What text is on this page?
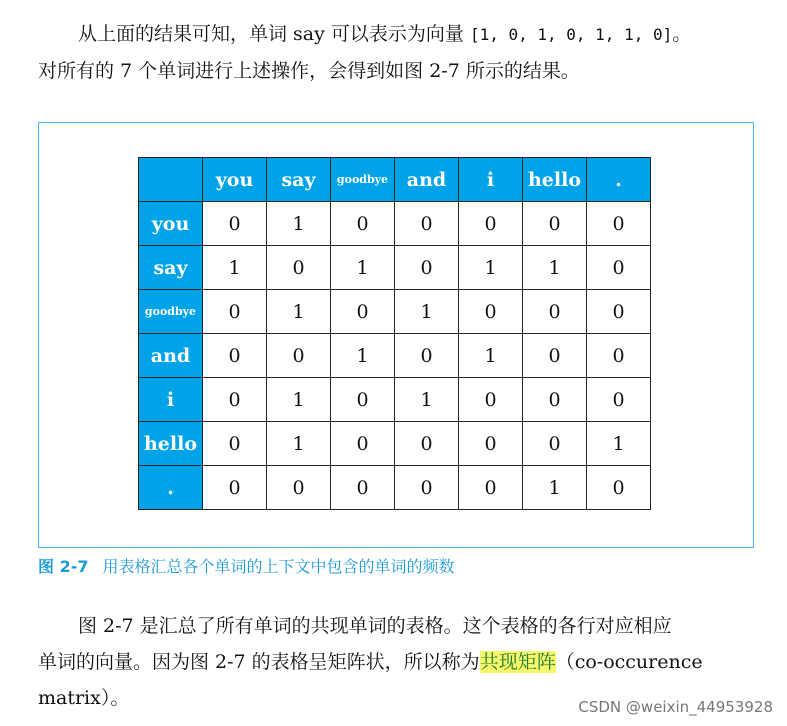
从上面的结果可知，单词 say 可以表示为向量 [1, 0, 1, 0, 1, 1, 0]。
对所有的 7 个单词进行上述操作，会得到如图 2-7 所示的结果。

	you	say	goodbye	and	i	hello	.
you	0	1	0	0	0	0	0
say	1	0	1	0	1	1	0
goodbye	0	1	0	1	0	0	0
and	0	0	1	0	1	0	0
i	0	1	0	1	0	0	0
hello	0	1	0	0	0	0	1
.	0	0	0	0	0	1	0
图 2-7 用表格汇总各个单词的上下文中包含的单词的频数

图 2-7 是汇总了所有单词的共现单词的表格。这个表格的各行对应相应
单词的向量。因为图 2-7 的表格呈矩阵状，所以称为共现矩阵（co-occurence
matrix）。	CSDN @weixin_44953928
